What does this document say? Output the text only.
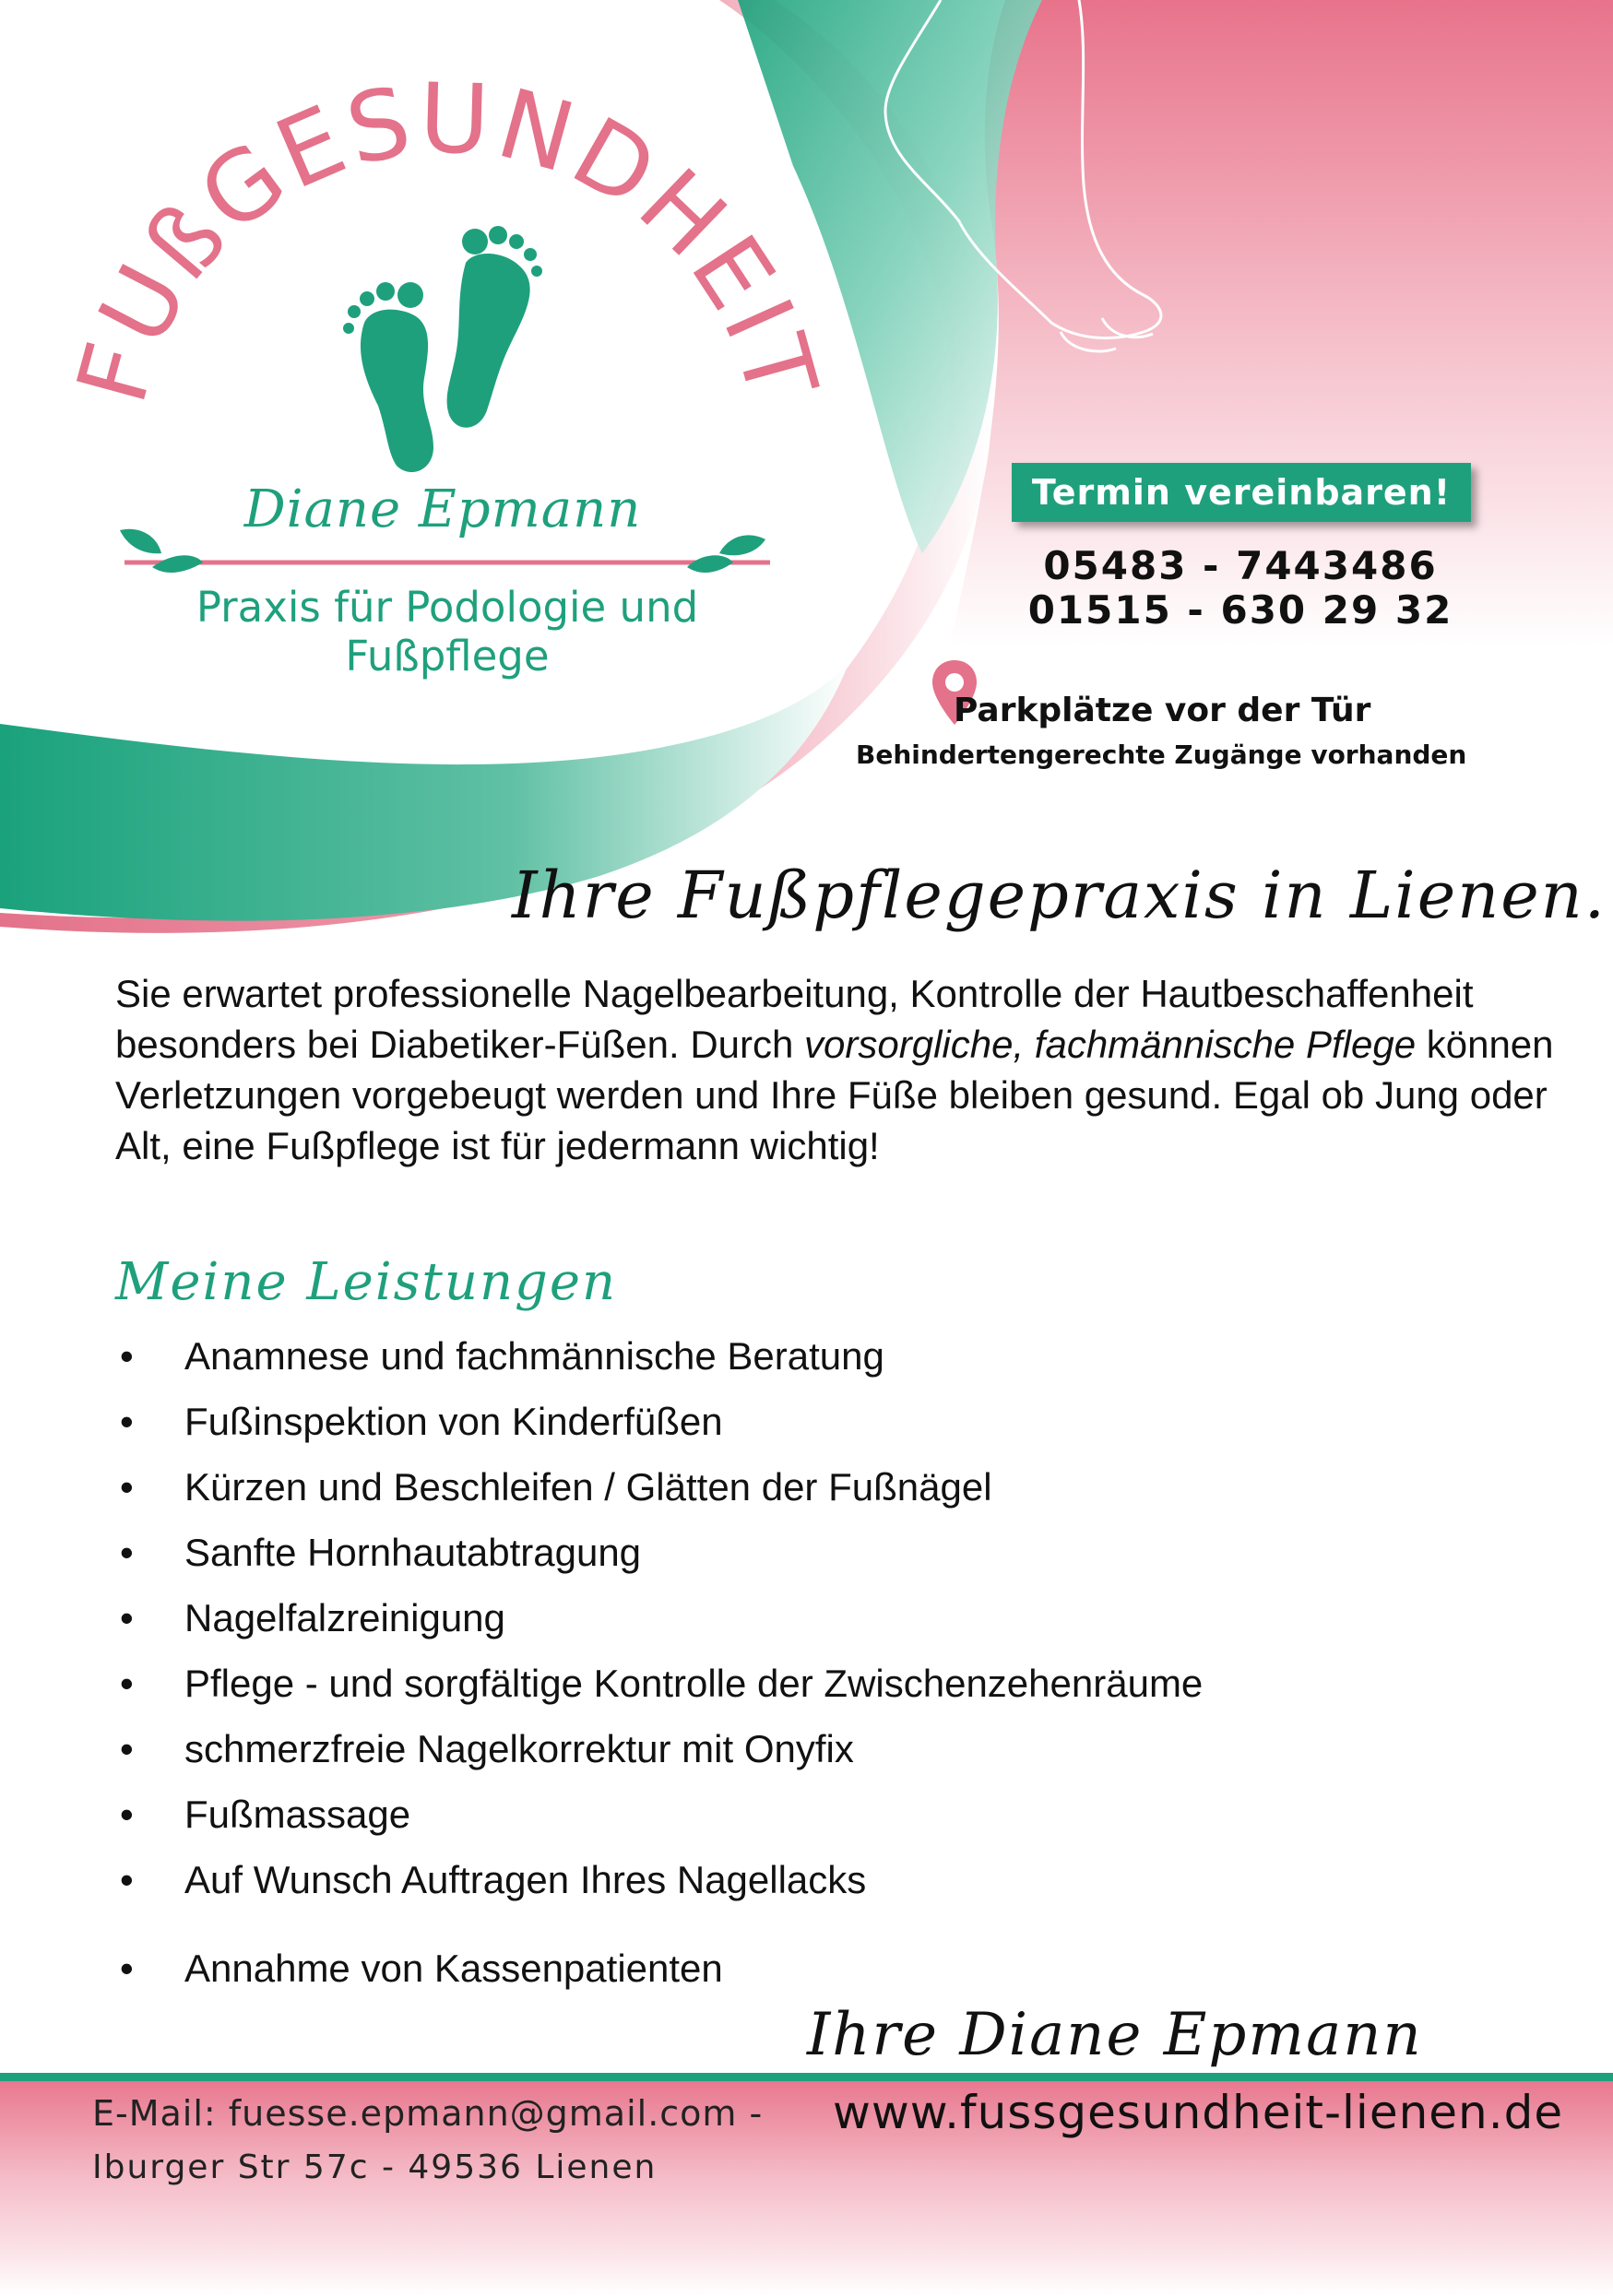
FUßGESUNDHEIT
Diane Epmann
Praxis für Podologie und Fußpflege
Termin vereinbaren!
05483 - 7443486
01515 - 630 29 32
Parkplätze vor der Tür
Behindertengerechte Zugänge vorhanden
Ihre Fußpflegepraxis in Lienen.
Sie erwartet professionelle Nagelbearbeitung, Kontrolle der Hautbeschaffenheit besonders bei Diabetiker-Füßen. Durch vorsorgliche, fachmännische Pflege können Verletzungen vorgebeugt werden und Ihre Füße bleiben gesund. Egal ob Jung oder Alt, eine Fußpflege ist für jedermann wichtig!
Meine Leistungen
• Anamnese und fachmännische Beratung
• Fußinspektion von Kinderfüßen
• Kürzen und Beschleifen / Glätten der Fußnägel
• Sanfte Hornhautabtragung
• Nagelfalzreinigung
• Pflege - und sorgfältige Kontrolle der Zwischenzehenräume
• schmerzfreie Nagelkorrektur mit Onyfix
• Fußmassage
• Auf Wunsch Auftragen Ihres Nagellacks
• Annahme von Kassenpatienten
Ihre Diane Epmann
E-Mail: fuesse.epmann@gmail.com - www.fussgesundheit-lienen.de
Iburger Str 57c - 49536 Lienen
